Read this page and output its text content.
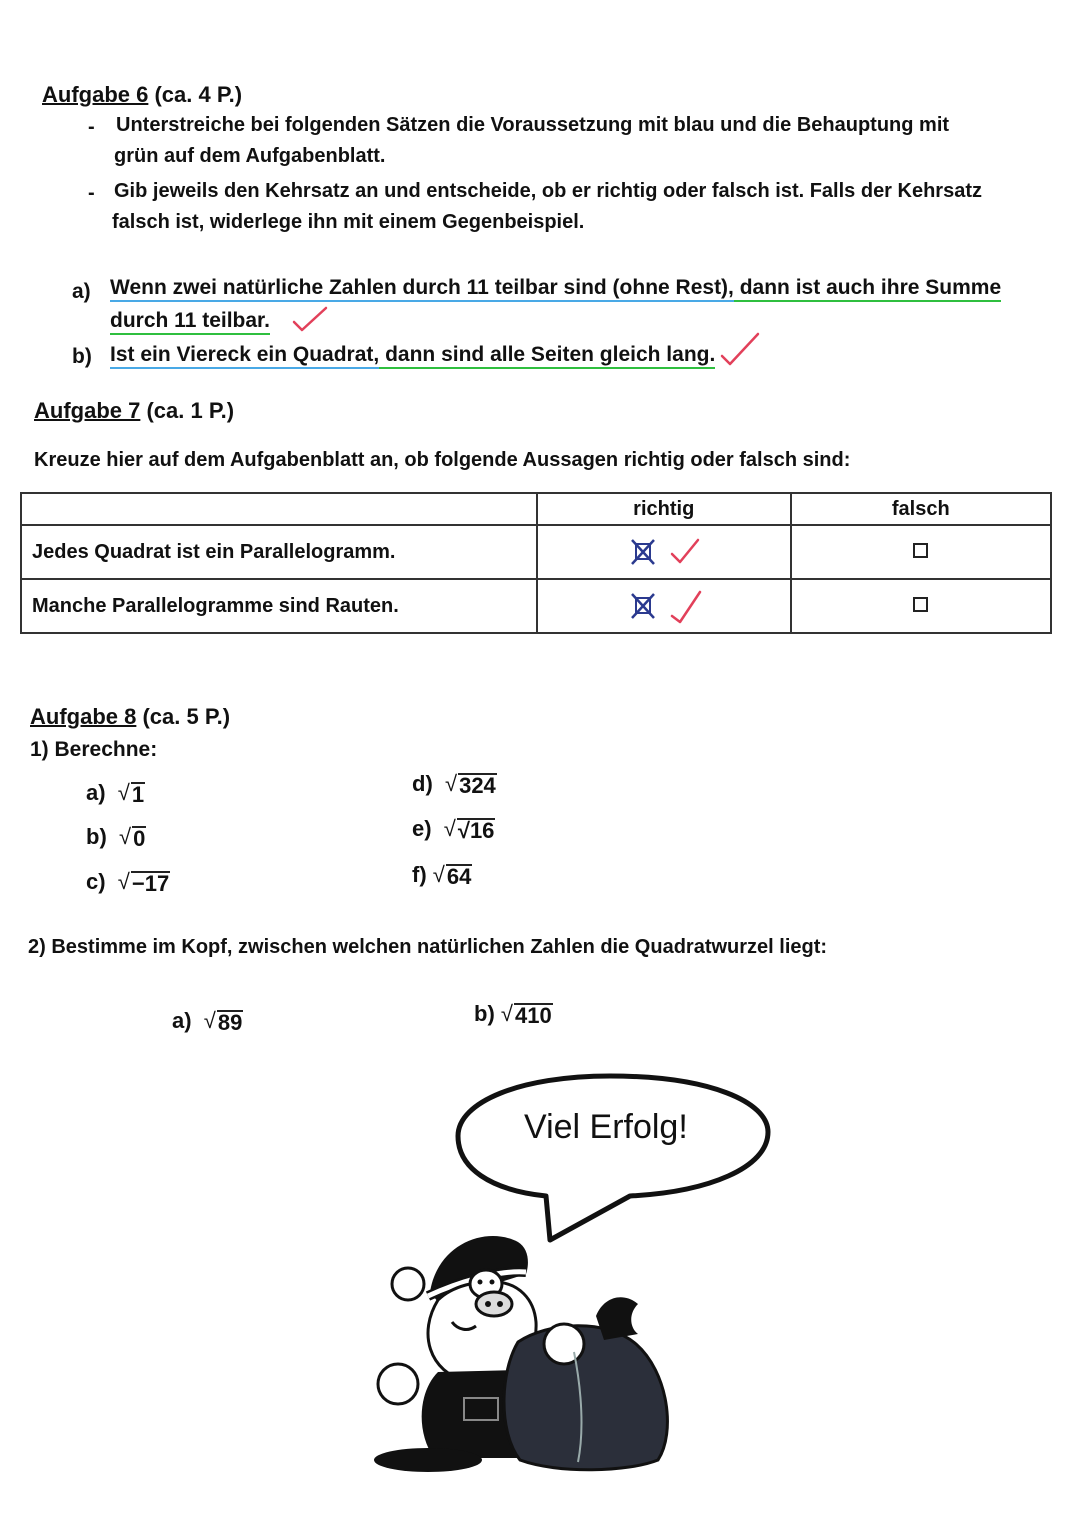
Aufgabe 6 (ca. 4 P.)
- Unterstreiche bei folgenden Sätzen die Voraussetzung mit blau und die Behauptung mit
grün auf dem Aufgabenblatt.
- Gib jeweils den Kehrsatz an und entscheide, ob er richtig oder falsch ist. Falls der Kehrsatz
falsch ist, widerlege ihn mit einem Gegenbeispiel.
a) Wenn zwei natürliche Zahlen durch 11 teilbar sind (ohne Rest), dann ist auch ihre Summe
durch 11 teilbar.
b) Ist ein Viereck ein Quadrat, dann sind alle Seiten gleich lang.
Aufgabe 7 (ca. 1 P.)
Kreuze hier auf dem Aufgabenblatt an, ob folgende Aussagen richtig oder falsch sind:
	richtig	falsch
Jedes Quadrat ist ein Parallelogramm.		
Manche Parallelogramme sind Rauten.		
Aufgabe 8 (ca. 5 P.)
1) Berechne:
a) √ 1
b) √ 0
c) √ −17
d) √ 324
e) √ √16
f) √ 64
2) Bestimme im Kopf, zwischen welchen natürlichen Zahlen die Quadratwurzel liegt:
a) √ 89	b) √ 410
Viel Erfolg!
